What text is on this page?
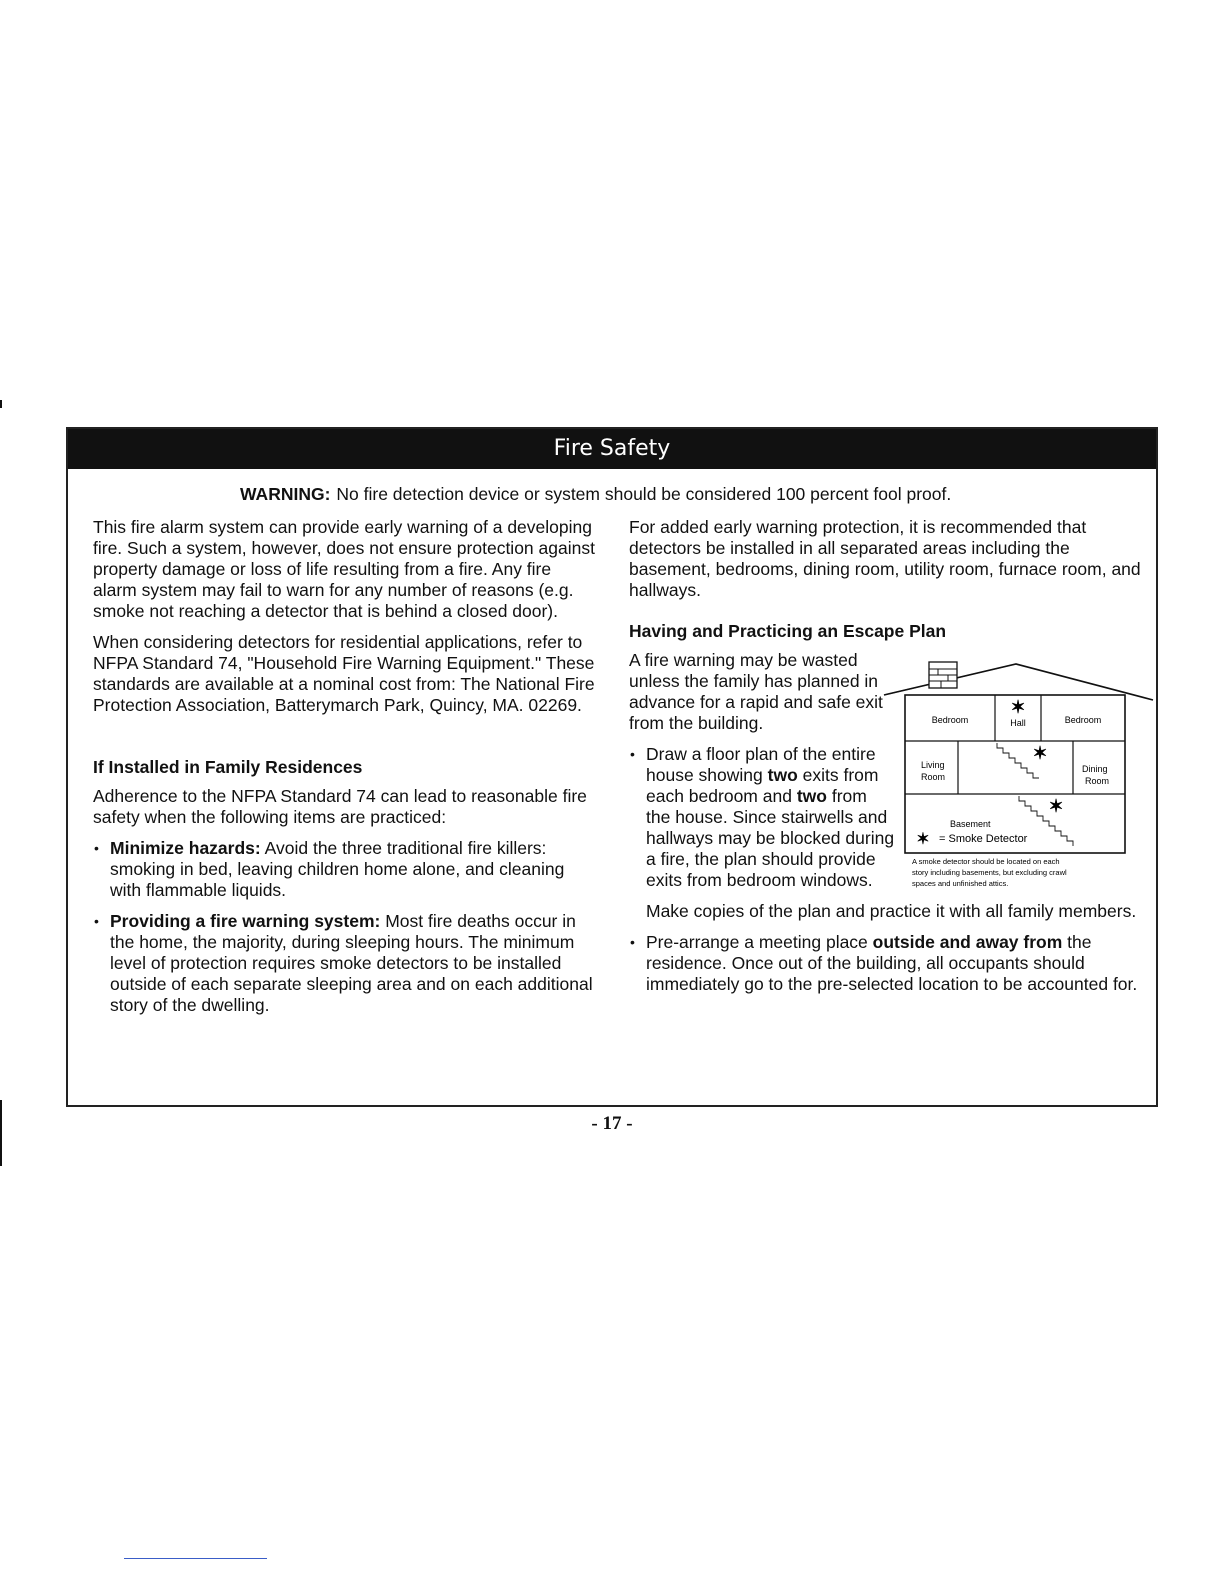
Fire Safety
WARNING: No fire detection device or system should be considered 100 percent fool proof.

This fire alarm system can provide early warning of a developing fire. Such a system, however, does not ensure protection against property damage or loss of life resulting from a fire. Any fire alarm system may fail to warn for any number of reasons (e.g. smoke not reaching a detector that is behind a closed door).

When considering detectors for residential applications, refer to NFPA Standard 74, "Household Fire Warning Equipment." These standards are available at a nominal cost from: The National Fire Protection Association, Batterymarch Park, Quincy, MA. 02269.

If Installed in Family Residences

Adherence to the NFPA Standard 74 can lead to reasonable fire safety when the following items are practiced:

• Minimize hazards: Avoid the three traditional fire killers: smoking in bed, leaving children home alone, and cleaning with flammable liquids.
• Providing a fire warning system: Most fire deaths occur in the home, the majority, during sleeping hours. The minimum level of protection requires smoke detectors to be installed outside of each separate sleeping area and on each additional story of the dwelling.

For added early warning protection, it is recommended that detectors be installed in all separated areas including the basement, bedrooms, dining room, utility room, furnace room, and hallways.

Having and Practicing an Escape Plan

A fire warning may be wasted unless the family has planned in advance for a rapid and safe exit from the building.

• Draw a floor plan of the entire house showing two exits from each bedroom and two from the house. Since stairwells and hallways may be blocked during a fire, the plan should provide exits from bedroom windows.

Make copies of the plan and practice it with all family members.

• Pre-arrange a meeting place outside and away from the residence. Once out of the building, all occupants should immediately go to the pre-selected location to be accounted for.
Bedroom	Hall	Bedroom
Living
Room
Dining
Room
Basement
✶
✶
✶
✶ = Smoke Detector
A smoke detector should be located on each
story including basements, but excluding crawl
spaces and unfinished attics.
- 17 -
